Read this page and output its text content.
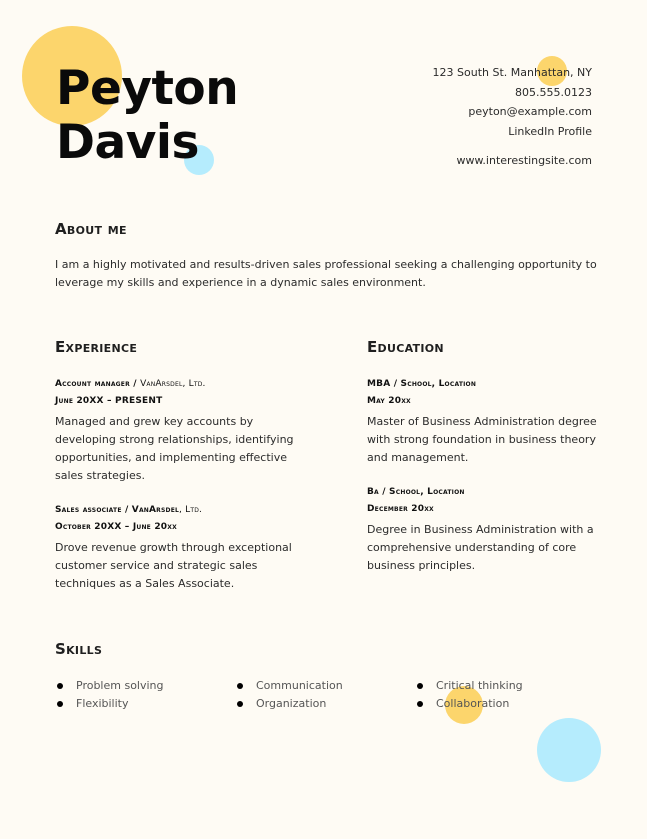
Peyton
Davis
123 South St. Manhattan, NY
805.555.0123
peyton@example.com
LinkedIn Profile
www.interestingsite.com
About me

I am a highly motivated and results-driven sales professional seeking a challenging opportunity to leverage my skills and experience in a dynamic sales environment.

Experience
Account manager / VanArsdel, Ltd.
June 20XX – PRESENT
Managed and grew key accounts by developing strong relationships, identifying opportunities, and implementing effective sales strategies.
Sales associate / VanArsdel, Ltd.
October 20XX – June 20xx
Drove revenue growth through exceptional customer service and strategic sales techniques as a Sales Associate.
Education
MBA / School, Location
May 20xx
Master of Business Administration degree with strong foundation in business theory and management.
Ba / School, Location
December 20xx
Degree in Business Administration with a comprehensive understanding of core business principles.
Skills
Problem solving	Communication	Critical thinking
Flexibility	Organization	Collaboration
